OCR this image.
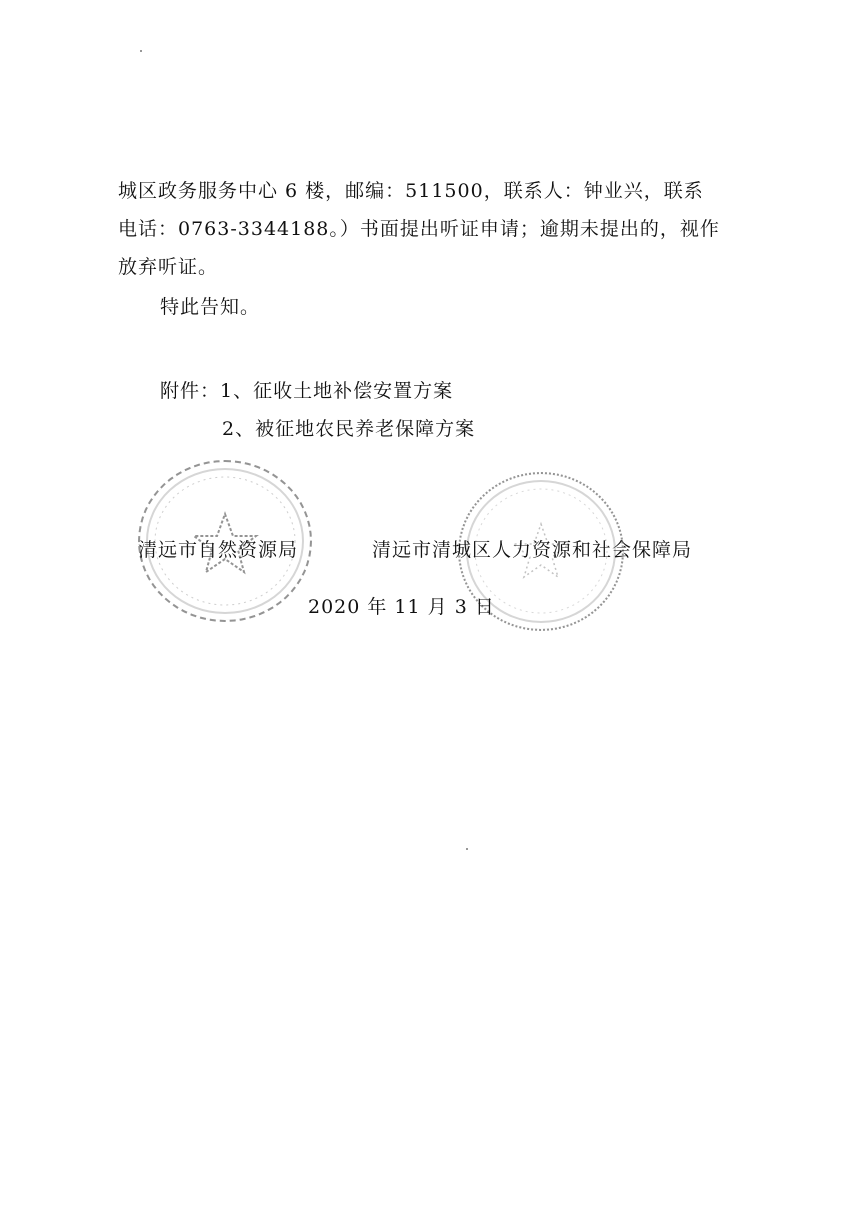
城区政务服务中心 6 楼，邮编：511500，联系人：钟业兴，联系
电话：0763-3344188。）书面提出听证申请；逾期未提出的，视作
放弃听证。
特此告知。
附件：1、征收土地补偿安置方案
2、被征地农民养老保障方案
清远市自然资源局	清远市清城区人力资源和社会保障局
2020 年 11 月 3 日
